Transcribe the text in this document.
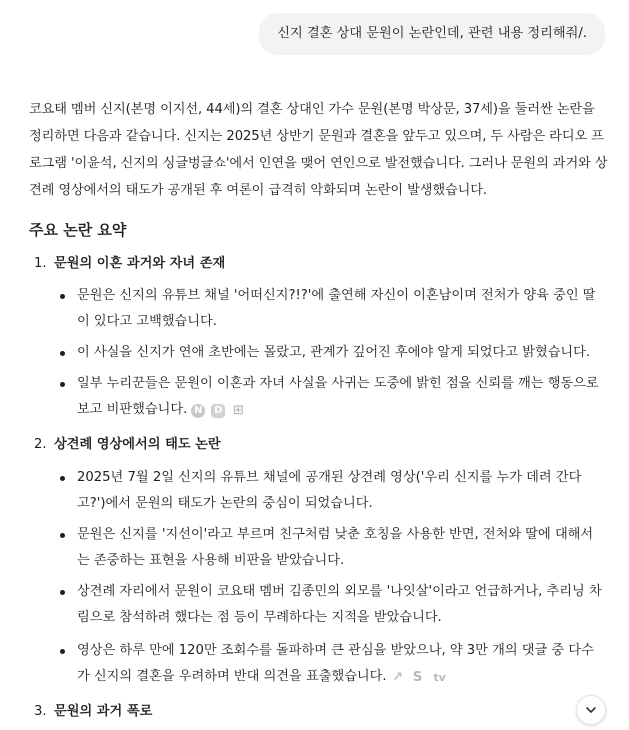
신지 결혼 상대 문원이 논란인데, 관련 내용 정리해줘/.

코요태 멤버 신지(본명 이지선, 44세)의 결혼 상대인 가수 문원(본명 박상문, 37세)을 둘러싼 논란을 정리하면 다음과 같습니다. 신지는 2025년 상반기 문원과 결혼을 앞두고 있으며, 두 사람은 라디오 프로그램 '이윤석, 신지의 싱글벙글쇼'에서 인연을 맺어 연인으로 발전했습니다. 그러나 문원의 과거와 상견례 영상에서의 태도가 공개된 후 여론이 급격히 악화되며 논란이 발생했습니다.

주요 논란 요약
1. 문원의 이혼 과거와 자녀 존재
문원은 신지의 유튜브 채널 '어떠신지?!?'에 출연해 자신이 이혼남이며 전처가 양육 중인 딸이 있다고 고백했습니다.
이 사실을 신지가 연애 초반에는 몰랐고, 관계가 깊어진 후에야 알게 되었다고 밝혔습니다.
일부 누리꾼들은 문원이 이혼과 자녀 사실을 사귀는 도중에 밝힌 점을 신뢰를 깨는 행동으로 보고 비판했습니다. N D ⊞
2. 상견례 영상에서의 태도 논란
2025년 7월 2일 신지의 유튜브 채널에 공개된 상견례 영상('우리 신지를 누가 데려 간다고?')에서 문원의 태도가 논란의 중심이 되었습니다.
문원은 신지를 '지선이'라고 부르며 친구처럼 낮춘 호칭을 사용한 반면, 전처와 딸에 대해서는 존중하는 표현을 사용해 비판을 받았습니다.
상견례 자리에서 문원이 코요태 멤버 김종민의 외모를 '나잇살'이라고 언급하거나, 추리닝 차림으로 참석하려 했다는 점 등이 무례하다는 지적을 받았습니다.
영상은 하루 만에 120만 조회수를 돌파하며 큰 관심을 받았으나, 약 3만 개의 댓글 중 다수가 신지의 결혼을 우려하며 반대 의견을 표출했습니다. ↗ S tv
3. 문원의 과거 폭로
